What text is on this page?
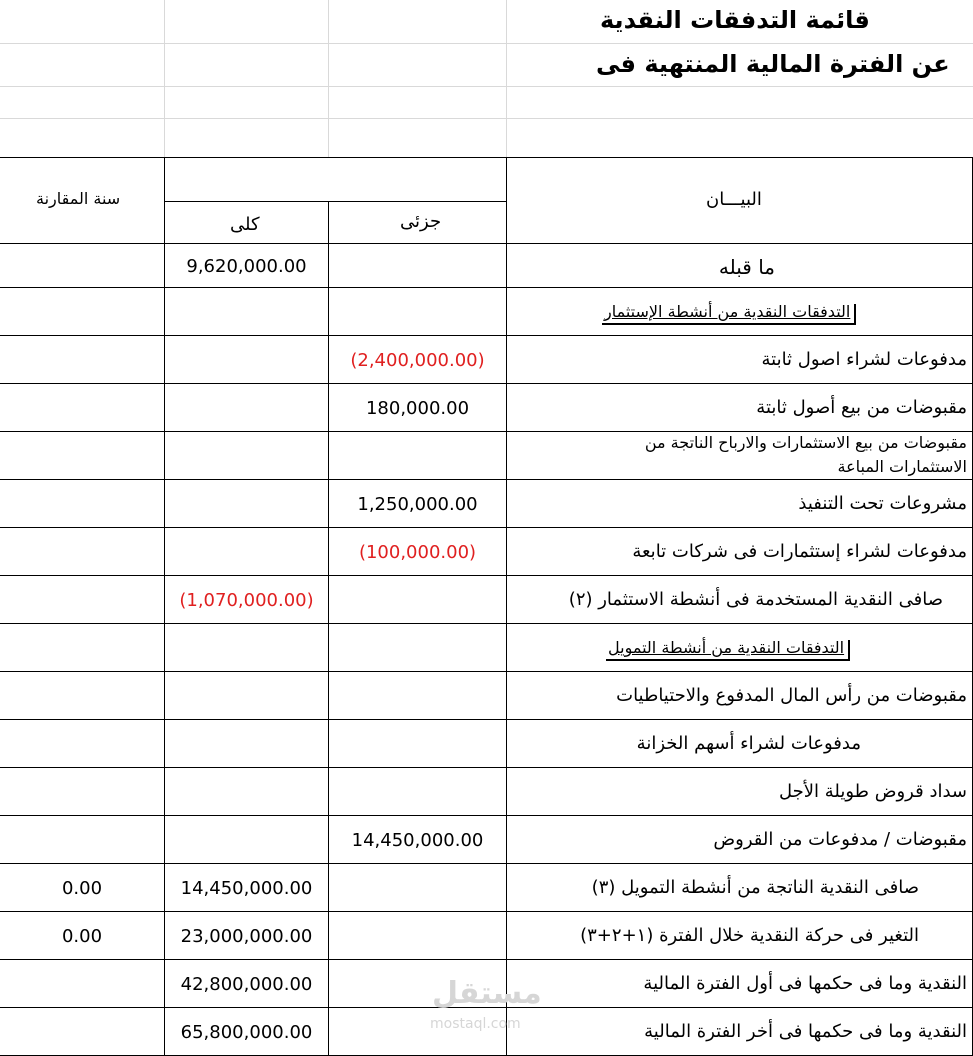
قائمة التدفقات النقدية
عن الفترة المالية المنتهية فى
البيـــان
جزئى
كلى
سنة المقارنة
ما قبله
التدفقات النقدية من أنشطة الإستثمار
مدفوعات لشراء اصول ثابتة
مقبوضات من بيع أصول ثابتة
مقبوضات من بيع الاستثمارات والارباح الناتجة من الاستثمارات المباعة
مشروعات تحت التنفيذ
مدفوعات لشراء إستثمارات فى شركات تابعة
صافى النقدية المستخدمة فى أنشطة الاستثمار (٢)
التدفقات النقدية من أنشطة التمويل
مقبوضات من رأس المال المدفوع والاحتياطيات
مدفوعات لشراء أسهم الخزانة
سداد قروض طويلة الأجل
مقبوضات / مدفوعات من القروض
صافى النقدية الناتجة من أنشطة التمويل (٣)
التغير فى حركة النقدية خلال الفترة (١+٢+٣)
النقدية وما فى حكمها فى أول الفترة المالية
النقدية وما فى حكمها فى أخر الفترة المالية
(2,400,000.00)
180,000.00
1,250,000.00
(100,000.00)
14,450,000.00
9,620,000.00
(1,070,000.00)
14,450,000.00
23,000,000.00
42,800,000.00
65,800,000.00
0.00
0.00
مستقل
mostaql.com
